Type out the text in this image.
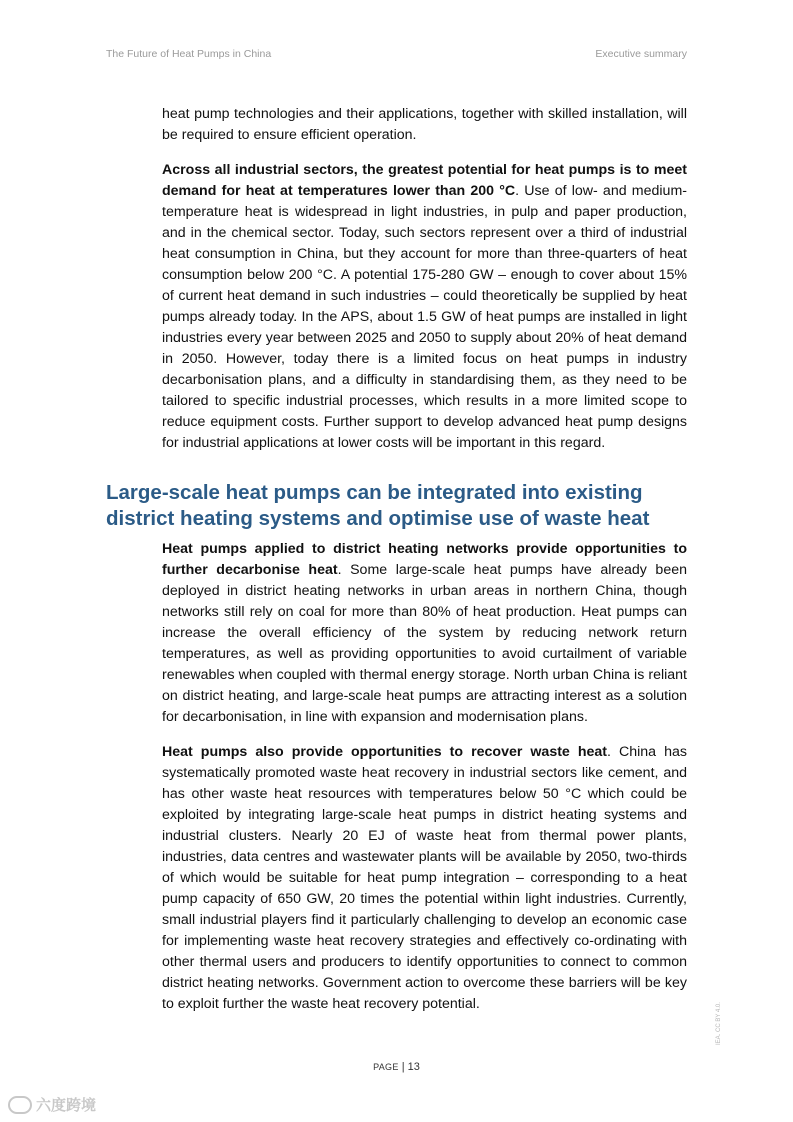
The Future of Heat Pumps in China	Executive summary

heat pump technologies and their applications, together with skilled installation, will be required to ensure efficient operation.

Across all industrial sectors, the greatest potential for heat pumps is to meet demand for heat at temperatures lower than 200 °C. Use of low- and medium-temperature heat is widespread in light industries, in pulp and paper production, and in the chemical sector. Today, such sectors represent over a third of industrial heat consumption in China, but they account for more than three-quarters of heat consumption below 200 °C. A potential 175-280 GW – enough to cover about 15% of current heat demand in such industries – could theoretically be supplied by heat pumps already today. In the APS, about 1.5 GW of heat pumps are installed in light industries every year between 2025 and 2050 to supply about 20% of heat demand in 2050. However, today there is a limited focus on heat pumps in industry decarbonisation plans, and a difficulty in standardising them, as they need to be tailored to specific industrial processes, which results in a more limited scope to reduce equipment costs. Further support to develop advanced heat pump designs for industrial applications at lower costs will be important in this regard.

Large-scale heat pumps can be integrated into existing district heating systems and optimise use of waste heat

Heat pumps applied to district heating networks provide opportunities to further decarbonise heat. Some large-scale heat pumps have already been deployed in district heating networks in urban areas in northern China, though networks still rely on coal for more than 80% of heat production. Heat pumps can increase the overall efficiency of the system by reducing network return temperatures, as well as providing opportunities to avoid curtailment of variable renewables when coupled with thermal energy storage. North urban China is reliant on district heating, and large-scale heat pumps are attracting interest as a solution for decarbonisation, in line with expansion and modernisation plans.

Heat pumps also provide opportunities to recover waste heat. China has systematically promoted waste heat recovery in industrial sectors like cement, and has other waste heat resources with temperatures below 50 °C which could be exploited by integrating large-scale heat pumps in district heating systems and industrial clusters. Nearly 20 EJ of waste heat from thermal power plants, industries, data centres and wastewater plants will be available by 2050, two-thirds of which would be suitable for heat pump integration – corresponding to a heat pump capacity of 650 GW, 20 times the potential within light industries. Currently, small industrial players find it particularly challenging to develop an economic case for implementing waste heat recovery strategies and effectively co-ordinating with other thermal users and producers to identify opportunities to connect to common district heating networks. Government action to overcome these barriers will be key to exploit further the waste heat recovery potential.

PAGE | 13
IEA. CC BY 4.0.
六度跨境
